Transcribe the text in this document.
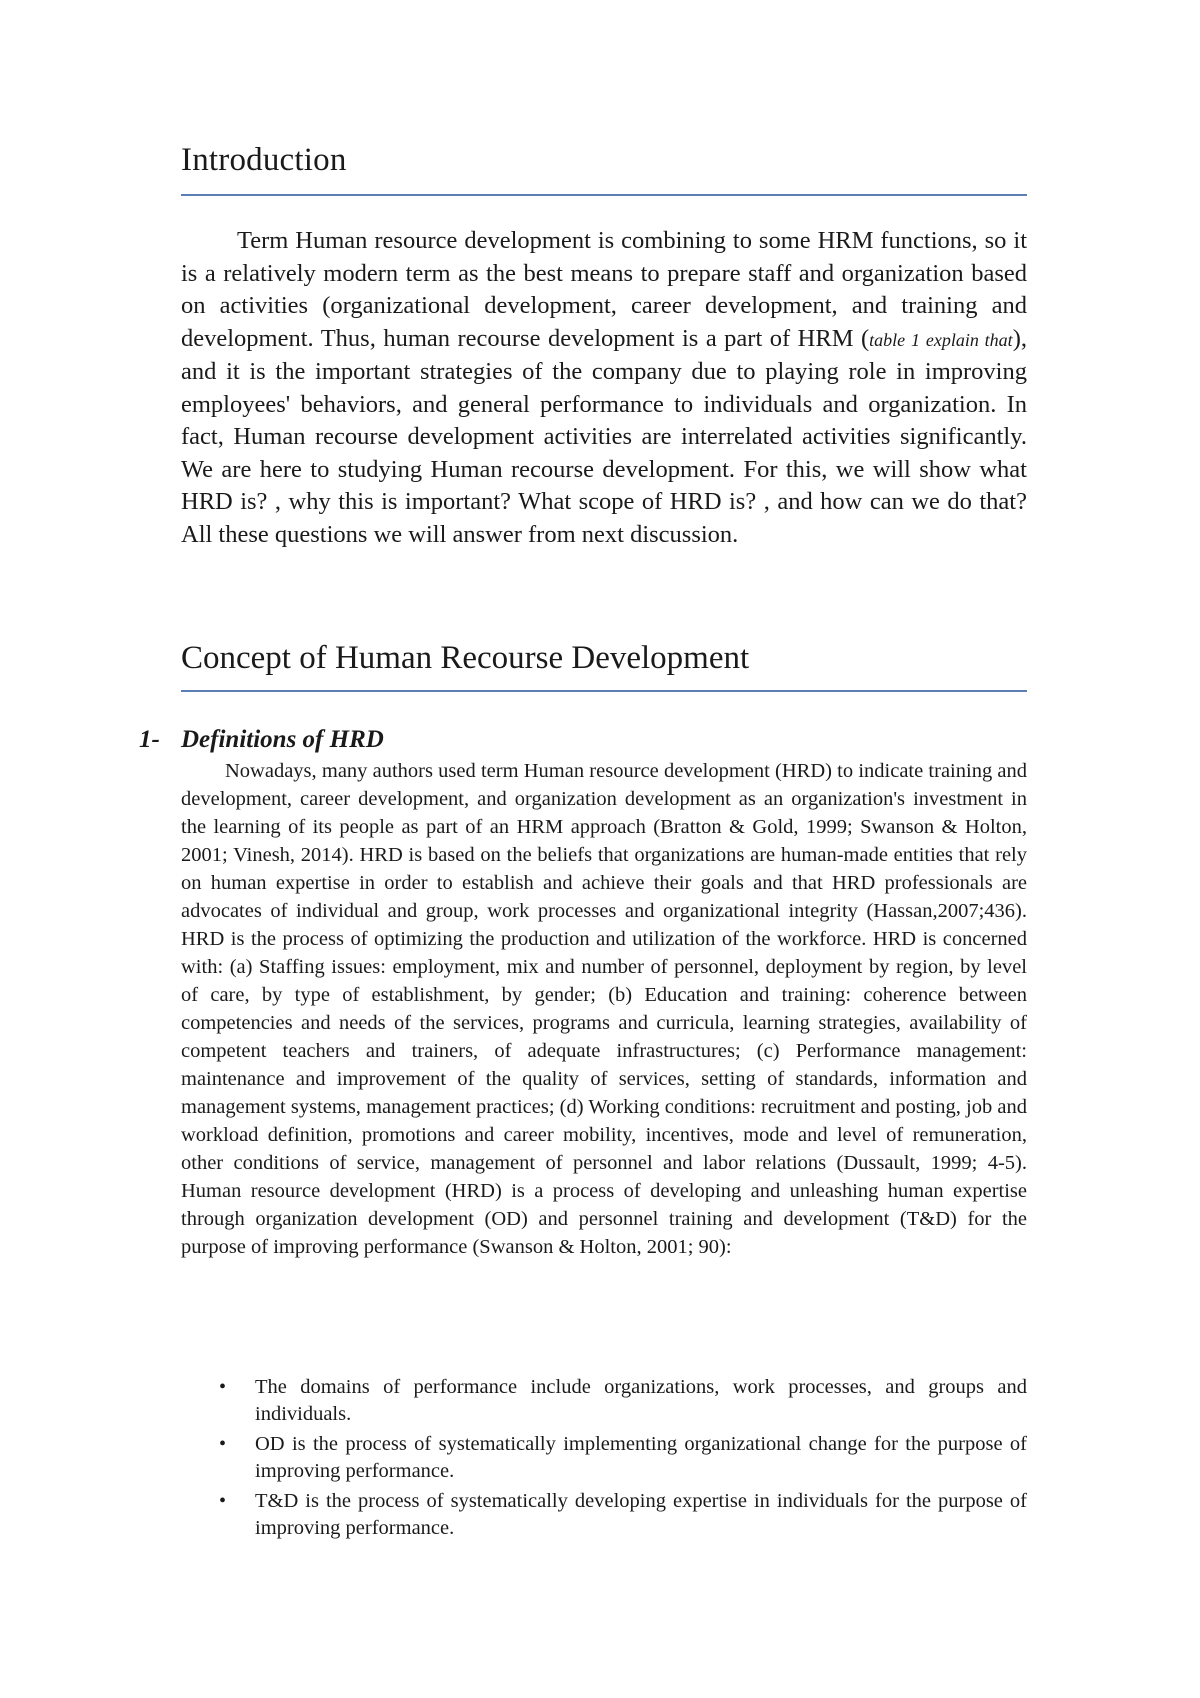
Introduction

Term Human resource development is combining to some HRM functions, so it is a relatively modern term as the best means to prepare staff and organization based on activities (organizational development, career development, and training and development. Thus, human recourse development is a part of HRM (table 1 explain that), and it is the important strategies of the company due to playing role in improving employees' behaviors, and general performance to individuals and organization. In fact, Human recourse development activities are interrelated activities significantly. We are here to studying Human recourse development. For this, we will show what HRD is? , why this is important? What scope of HRD is? , and how can we do that? All these questions we will answer from next discussion.

Concept of Human Recourse Development
1- Definitions of HRD

Nowadays, many authors used term Human resource development (HRD) to indicate training and development, career development, and organization development as an organization's investment in the learning of its people as part of an HRM approach (Bratton & Gold, 1999; Swanson & Holton, 2001; Vinesh, 2014). HRD is based on the beliefs that organizations are human-made entities that rely on human expertise in order to establish and achieve their goals and that HRD professionals are advocates of individual and group, work processes and organizational integrity (Hassan,2007;436). HRD is the process of optimizing the production and utilization of the workforce. HRD is concerned with: (a) Staffing issues: employment, mix and number of personnel, deployment by region, by level of care, by type of establishment, by gender; (b) Education and training: coherence between competencies and needs of the services, programs and curricula, learning strategies, availability of competent teachers and trainers, of adequate infrastructures; (c) Performance management: maintenance and improvement of the quality of services, setting of standards, information and management systems, management practices; (d) Working conditions: recruitment and posting, job and workload definition, promotions and career mobility, incentives, mode and level of remuneration, other conditions of service, management of personnel and labor relations (Dussault, 1999; 4-5). Human resource development (HRD) is a process of developing and unleashing human expertise through organization development (OD) and personnel training and development (T&D) for the purpose of improving performance (Swanson & Holton, 2001; 90):

• The domains of performance include organizations, work processes, and groups and individuals.
• OD is the process of systematically implementing organizational change for the purpose of improving performance.
• T&D is the process of systematically developing expertise in individuals for the purpose of improving performance.
